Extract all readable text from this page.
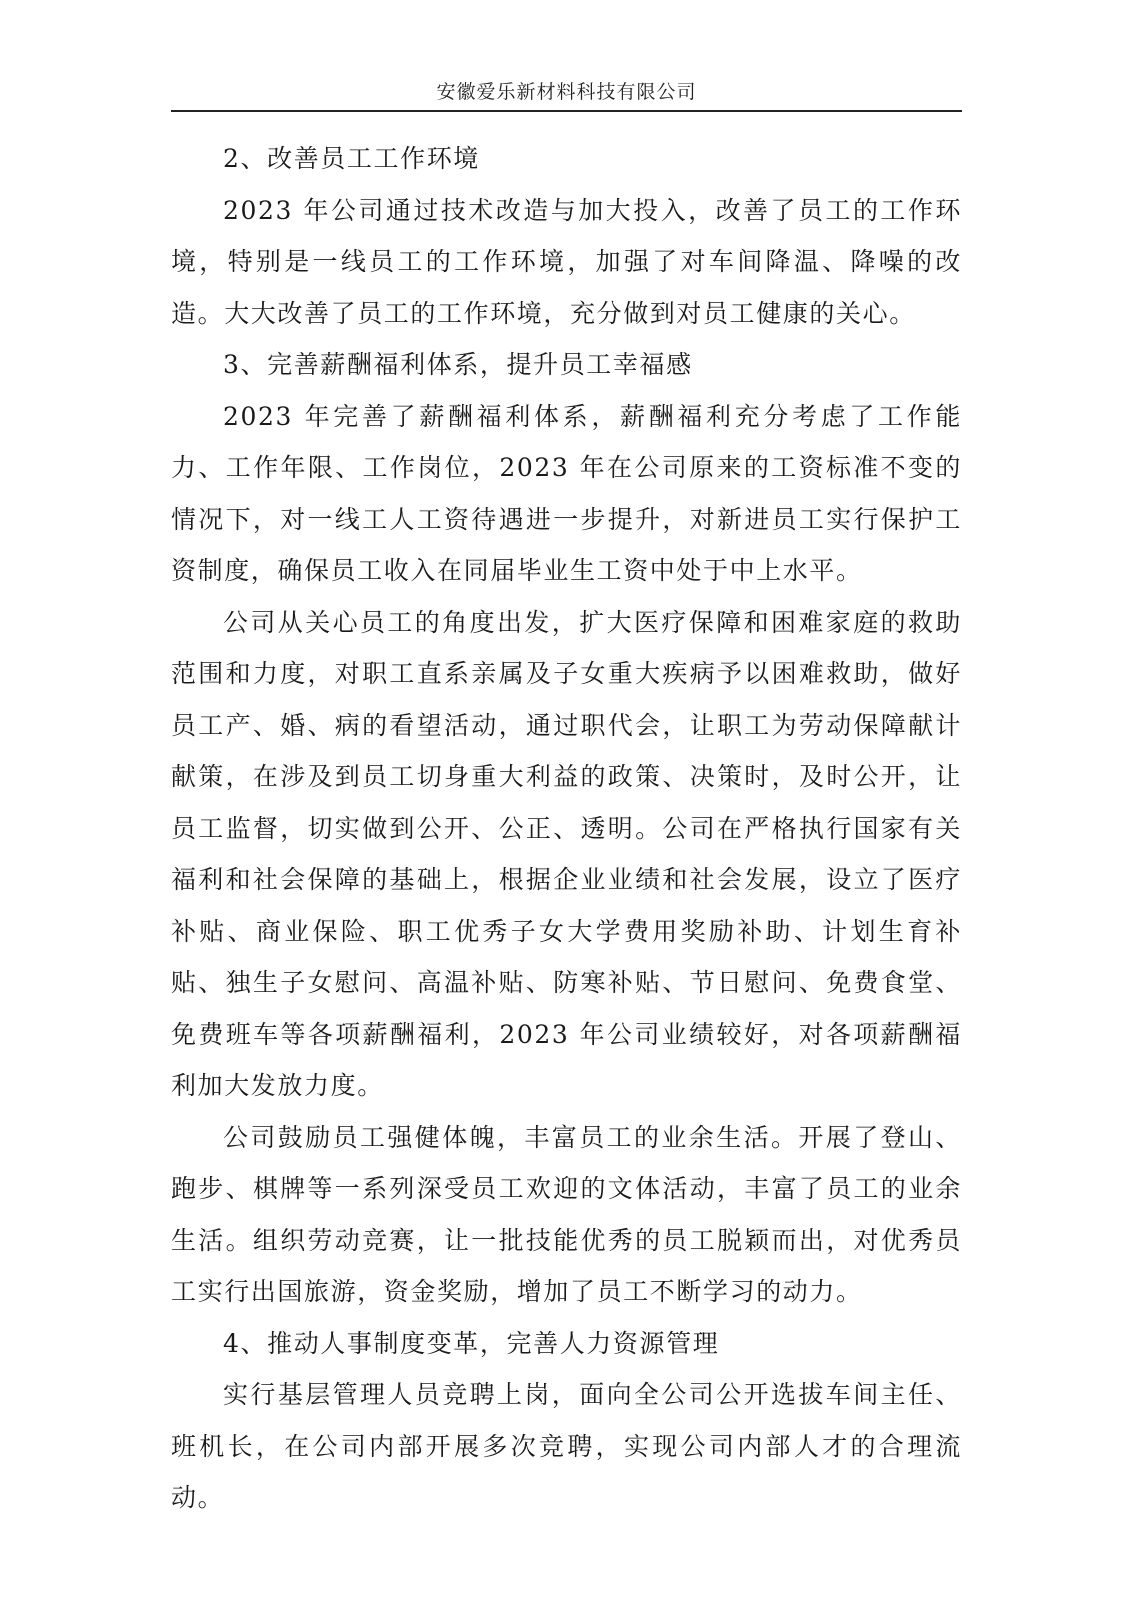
安徽爱乐新材料科技有限公司

2、改善员工工作环境

2023 年公司通过技术改造与加大投入，改善了员工的工作环境，特别是一线员工的工作环境，加强了对车间降温、降噪的改造。大大改善了员工的工作环境，充分做到对员工健康的关心。

3、完善薪酬福利体系，提升员工幸福感

2023 年完善了薪酬福利体系，薪酬福利充分考虑了工作能力、工作年限、工作岗位，2023 年在公司原来的工资标准不变的情况下，对一线工人工资待遇进一步提升，对新进员工实行保护工资制度，确保员工收入在同届毕业生工资中处于中上水平。

公司从关心员工的角度出发，扩大医疗保障和困难家庭的救助范围和力度，对职工直系亲属及子女重大疾病予以困难救助，做好员工产、婚、病的看望活动，通过职代会，让职工为劳动保障献计献策，在涉及到员工切身重大利益的政策、决策时，及时公开，让员工监督，切实做到公开、公正、透明。公司在严格执行国家有关福利和社会保障的基础上，根据企业业绩和社会发展，设立了医疗补贴、商业保险、职工优秀子女大学费用奖励补助、计划生育补贴、独生子女慰问、高温补贴、防寒补贴、节日慰问、免费食堂、免费班车等各项薪酬福利，2023 年公司业绩较好，对各项薪酬福利加大发放力度。

公司鼓励员工强健体魄，丰富员工的业余生活。开展了登山、跑步、棋牌等一系列深受员工欢迎的文体活动，丰富了员工的业余生活。组织劳动竞赛，让一批技能优秀的员工脱颖而出，对优秀员工实行出国旅游，资金奖励，增加了员工不断学习的动力。

4、推动人事制度变革，完善人力资源管理

实行基层管理人员竞聘上岗，面向全公司公开选拔车间主任、班机长，在公司内部开展多次竞聘，实现公司内部人才的合理流动。
